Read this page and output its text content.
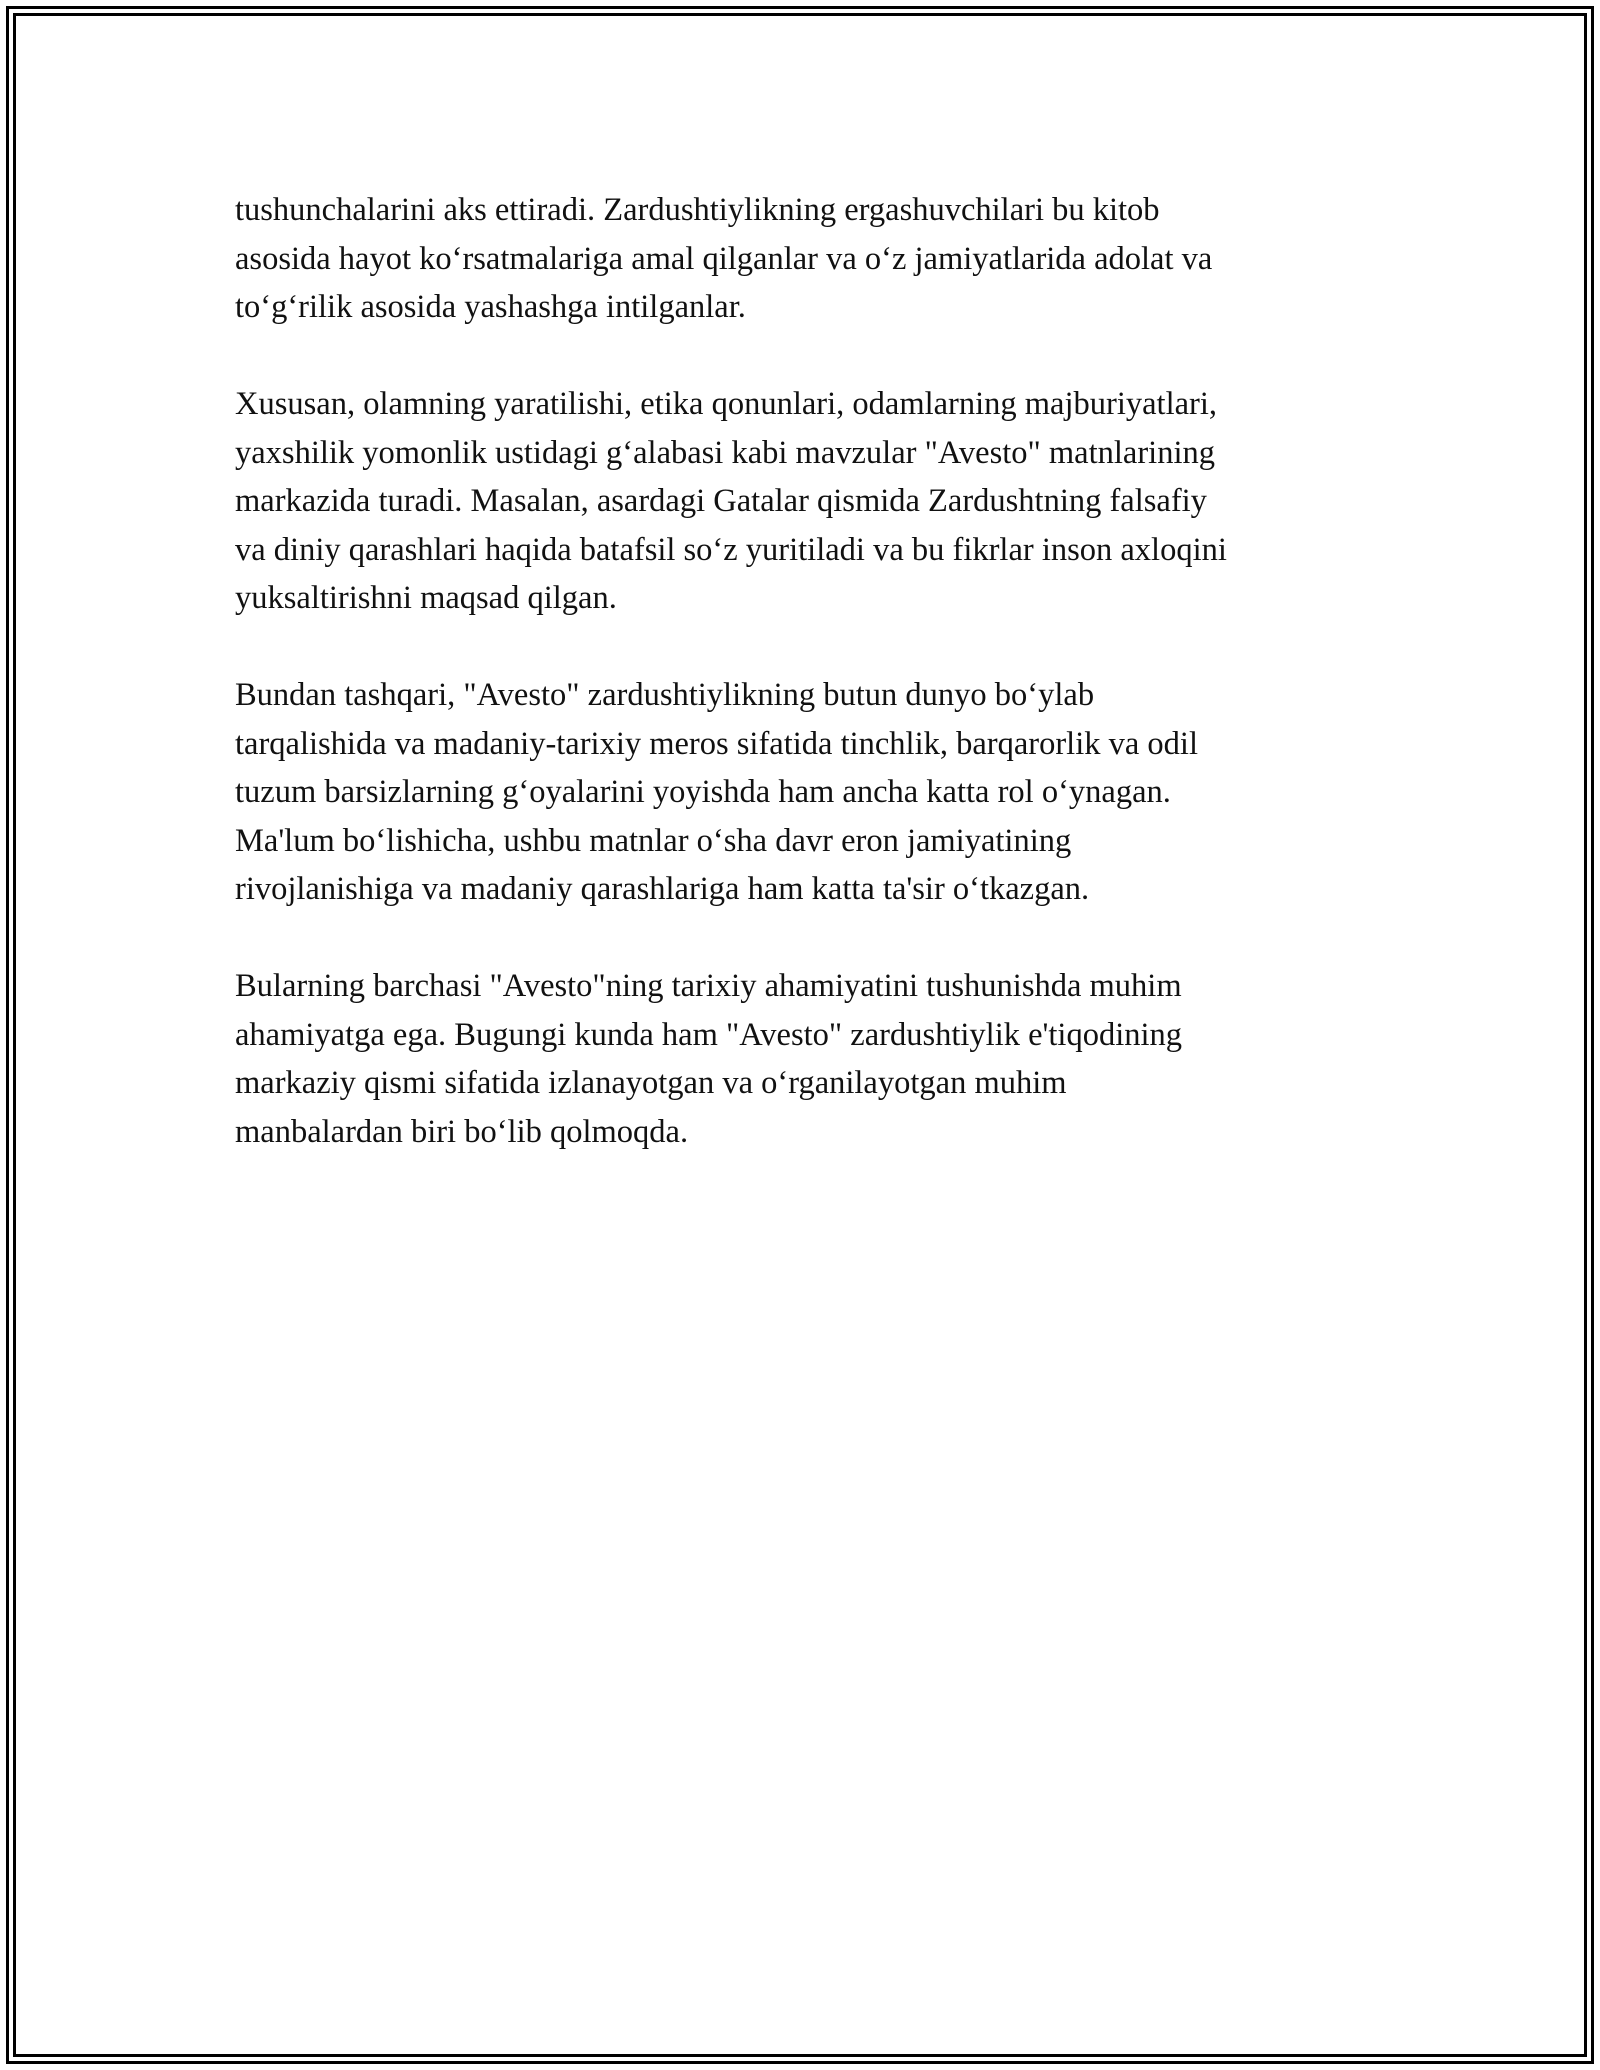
tushunchalarini aks ettiradi. Zardushtiylikning ergashuvchilari bu kitob
asosida hayot ko‘rsatmalariga amal qilganlar va o‘z jamiyatlarida adolat va
to‘g‘rilik asosida yashashga intilganlar.

Xususan, olamning yaratilishi, etika qonunlari, odamlarning majburiyatlari,
yaxshilik yomonlik ustidagi g‘alabasi kabi mavzular "Avesto" matnlarining
markazida turadi. Masalan, asardagi Gatalar qismida Zardushtning falsafiy
va diniy qarashlari haqida batafsil so‘z yuritiladi va bu fikrlar inson axloqini
yuksaltirishni maqsad qilgan.

Bundan tashqari, "Avesto" zardushtiylikning butun dunyo bo‘ylab
tarqalishida va madaniy-tarixiy meros sifatida tinchlik, barqarorlik va odil
tuzum barsizlarning g‘oyalarini yoyishda ham ancha katta rol o‘ynagan.
Ma'lum bo‘lishicha, ushbu matnlar o‘sha davr eron jamiyatining
rivojlanishiga va madaniy qarashlariga ham katta ta'sir o‘tkazgan.

Bularning barchasi "Avesto"ning tarixiy ahamiyatini tushunishda muhim
ahamiyatga ega. Bugungi kunda ham "Avesto" zardushtiylik e'tiqodining
markaziy qismi sifatida izlanayotgan va o‘rganilayotgan muhim
manbalardan biri bo‘lib qolmoqda.
